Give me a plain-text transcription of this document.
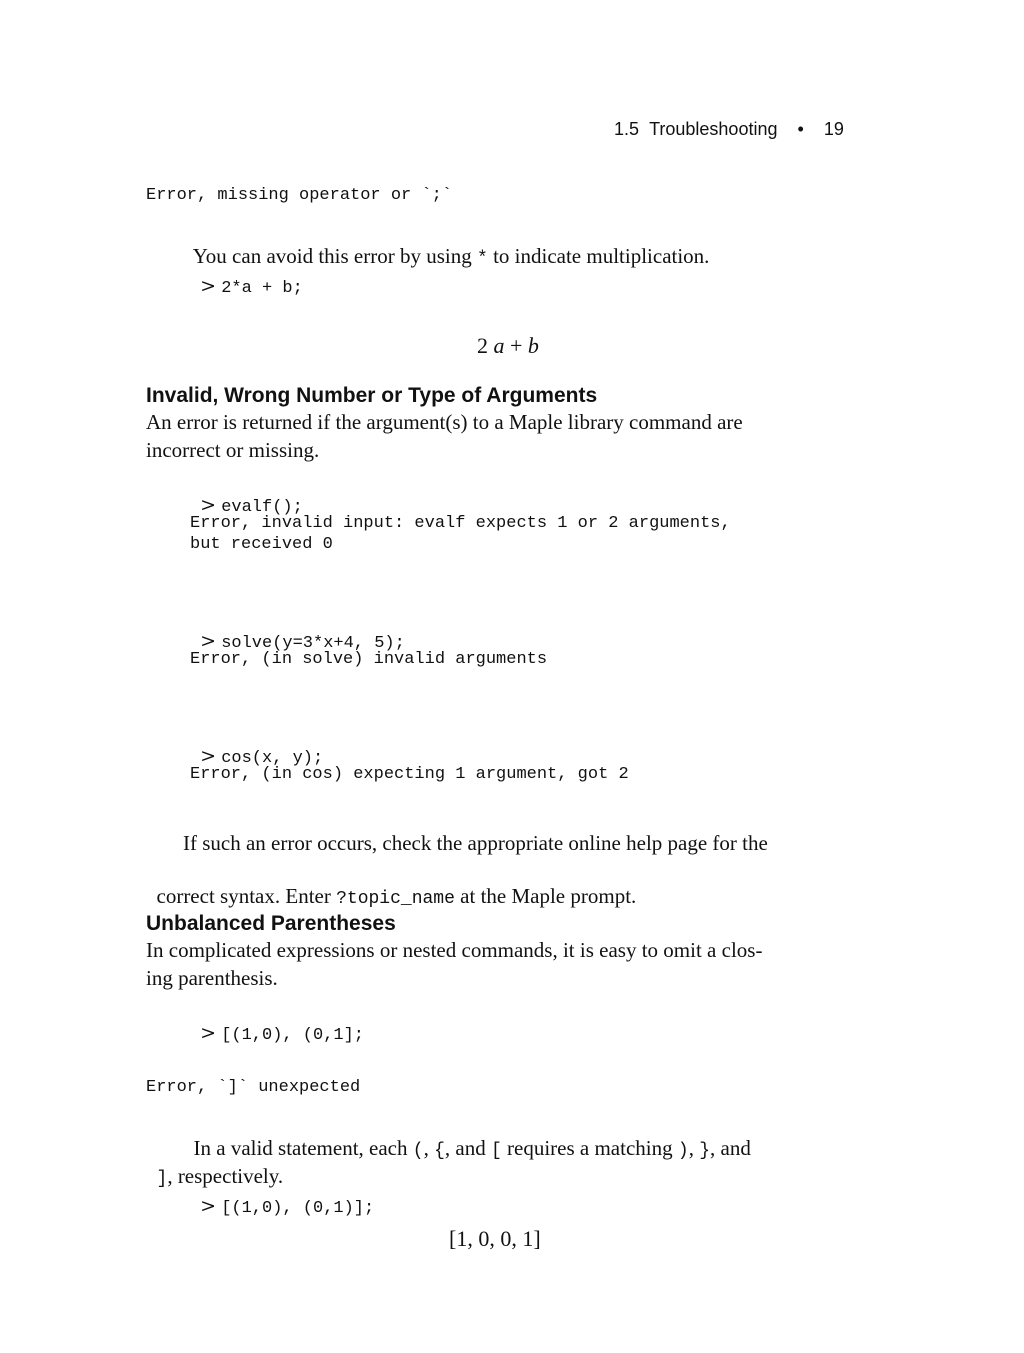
1.5 Troubleshooting • 19

Error, missing operator or `;`

You can avoid this error by using * to indicate multiplication.

> 2*a + b;

2 a + b

Invalid, Wrong Number or Type of Arguments
An error is returned if the argument(s) to a Maple library command are
incorrect or missing.

> evalf();

Error, invalid input: evalf expects 1 or 2 arguments,
but received 0

> solve(y=3*x+4, 5);

Error, (in solve) invalid arguments

> cos(x, y);

Error, (in cos) expecting 1 argument, got 2
If such an error occurs, check the appropriate online help page for the

correct syntax. Enter ?topic_name at the Maple prompt.

Unbalanced Parentheses
In complicated expressions or nested commands, it is easy to omit a clos-
ing parenthesis.

> [(1,0), (0,1];

Error, `]` unexpected

In a valid statement, each (, {, and [ requires a matching ), }, and

], respectively.

> [(1,0), (0,1)];

[1, 0, 0, 1]
